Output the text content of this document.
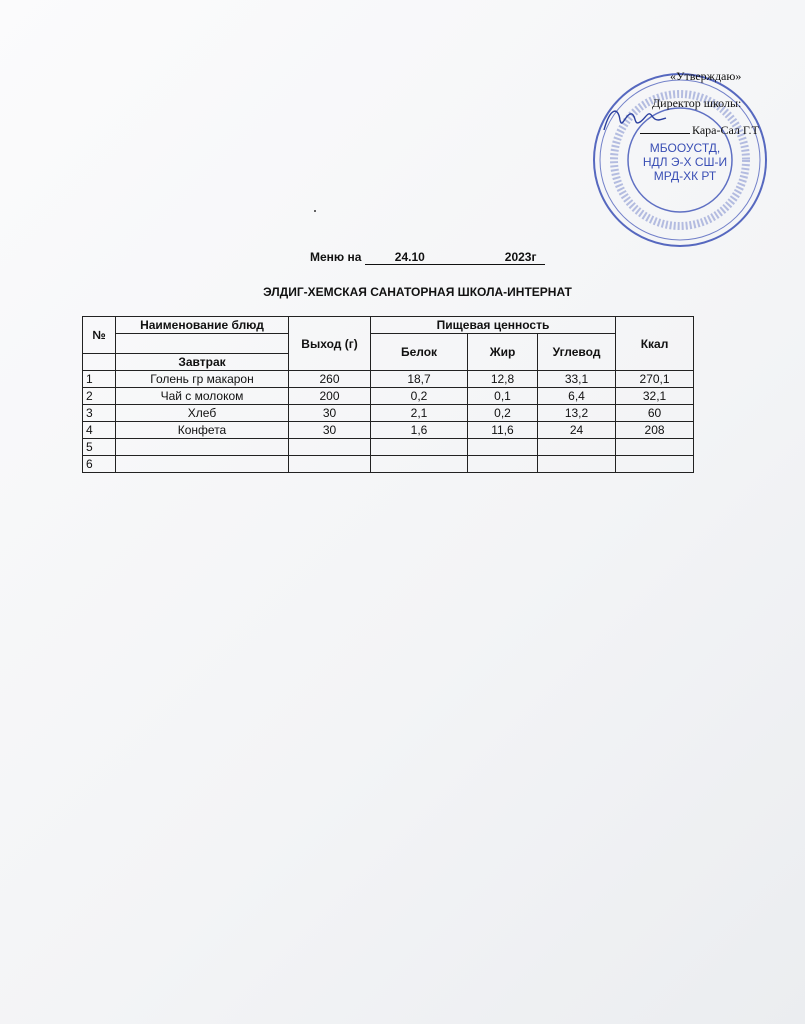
МБООУСТД,
НДЛ Э-Х СШ-И
МРД-ХК РТ
«Утверждаю»
Директор школы:
Кара-Сал Г.Т
Меню на	24.10	2023г
ЭЛДИГ-ХЕМСКАЯ САНАТОРНАЯ ШКОЛА-ИНТЕРНАТ
№	Наименование блюд	Выход (г)	Пищевая ценность			Ккал
			Белок	Жир	Углевод	
	Завтрак					
1	Голень гр макарон	260	18,7	12,8	33,1	270,1
2	Чай с молоком	200	0,2	0,1	6,4	32,1
3	Хлеб	30	2,1	0,2	13,2	60
4	Конфета	30	1,6	11,6	24	208
5						
6						
